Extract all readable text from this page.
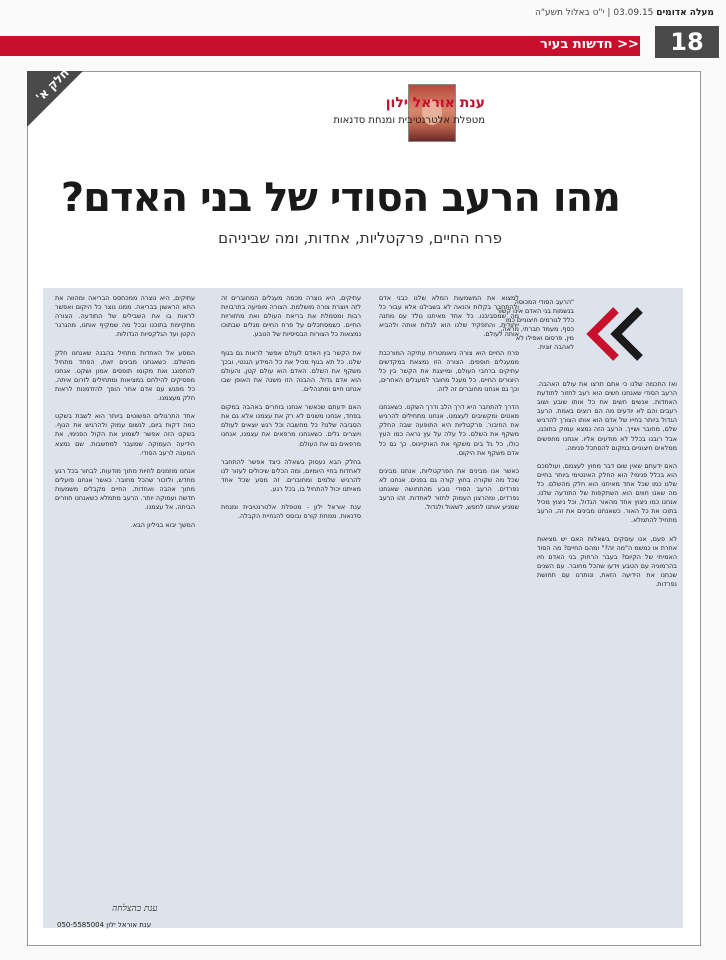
מעלה אדומים 03.09.15 | י"ט באלול תשע"ה
<< חדשות בעיר	18
חלק א'	ענת אוראל ילון
מטפלת אלטרנטיבית ומנחת סדנאות
מהו הרעב הסודי של בני האדם?
פרח החיים, פרקטליות, אחדות, ומה שביניהם
עתיקים, היא נוצרה ממכחסס הבריאה ומהווה את התא הראשון בבריאה. ממנו נוצר כל היקום ואפשר לראות בו את השבילים של התודעה. הצורה מתקיימת בתוכנו ובכל מה שמקיף אותנו, מהגרגר הקטן ועד הגלקסיות הגדולות.

המסע אל האחדות מתחיל בהבנה שאנחנו חלק מהשלם. כשאנחנו מבינים זאת, הפחד מתחיל להתפוגג ואת מקומו תופסים אמון ושקט. אנחנו מפסיקים להילחם במציאות ומתחילים לזרום איתה. כל מפגש עם אדם אחר הופך להזדמנות לראות חלק מעצמנו.

אחד התרגולים הפשוטים ביותר הוא לשבת בשקט כמה דקות ביום, לנשום עמוק ולהרגיש את הגוף. בשקט הזה אפשר לשמוע את הקול הפנימי, את הידיעה העמוקה שמעבר למחשבות. שם נמצא המענה לרעב הסודי.

אנחנו מוזמנים לחיות מתוך מודעות, לבחור בכל רגע מחדש, ולזכור שהכל מחובר. כאשר אנחנו פועלים מתוך אהבה ואחדות, החיים מקבלים משמעות חדשה ועמוקה יותר. הרעב מתמלא כשאנחנו חוזרים הביתה, אל עצמנו.

המשך יבוא בגיליון הבא.
עתיקים, היא נוצרה מכמה מעגלים המחוברים זה לזה ויוצרת צורה מושלמת. הצורה מופיעה בתרבויות רבות ומסמלת את בריאת העולם ואת מחזוריות החיים. כשמסתכלים על פרח החיים מגלים שבתוכו נמצאות כל הצורות הבסיסיות של הטבע.

את הקשר בין האדם לעולם אפשר לראות גם בגוף שלנו. כל תא בגוף מכיל את כל המידע הגנטי, ובכך משקף את השלם. האדם הוא עולם קטן, והעולם הוא אדם גדול. ההבנה הזו משנה את האופן שבו אנחנו חיים ומתנהלים.

האם ידעתם שכאשר אנחנו בוחרים באהבה במקום בפחד, אנחנו משנים לא רק את עצמנו אלא גם את הסביבה שלנו? כל מחשבה וכל רגש יוצאים לעולם ויוצרים גלים. כשאנחנו מרפאים את עצמנו, אנחנו מרפאים גם את העולם.

בחלק הבא נעסוק בשאלה כיצד אפשר להתחבר לאחדות בחיי היומיום, ומה הכלים שיכולים לעזור לנו להרגיש שלמים ומחוברים. זה מסע שכל אחד מאיתנו יכול להתחיל בו, בכל רגע.

ענת אוראל ילון - מטפלת אלטרנטיבית ומנחת סדנאות. ממחת קורס ובוסס להנחיית הקבלה.
למצוא את המשמעות המלא שלנו כבני אדם ולהתחבר בקלות והנאה לא בשבילנו אלא עבור כל מה שמסביבנו. כל אחד מאיתנו נולד עם מתנה ייחודית, והתפקיד שלנו הוא לגלות אותה ולהביא אותה לעולם.

פרח החיים הוא צורה גיאומטרית עתיקה המורכבת ממעגלים חופפים. הצורה הזו נמצאת במקדשים עתיקים ברחבי העולם, ומייצגת את הקשר בין כל היצורים החיים. כל מעגל מחובר למעגלים האחרים, וכך גם אנחנו מחוברים זה לזה.

הדרך להתחבר היא דרך הלב ודרך השקט. כשאנחנו מאטים ומקשיבים לעצמנו, אנחנו מתחילים להרגיש את החיבור. פרקטליות היא התופעה שבה החלק משקף את השלם. כל עלה על עץ נראה כמו העץ כולו, כל גל בים משקף את האוקיינוס. כך גם כל אדם משקף את היקום.

כאשר אנו מבינים את הפרקטליות, אנחנו מבינים שכל מה שקורה בחוץ קורה גם בפנים. אנחנו לא נפרדים. הרעב הסודי נובע מהתחושה שאנחנו נפרדים, ומהרצון העמוק לחזור לאחדות. זהו הרעב שמניע אותנו לחפש, לשאול ולגדול.
ואז החכמה שלנו כי אתם תרצו את עולם האהבה. הרעב הסודי שאנחנו חשים הוא רעב לחזור לתודעת האחדות. אנשים חשים את כל אותו שובע ושוב רעבים והם לא יודעים מה הם רוצים באמת. הרעב הגדול ביותר בחייו של אדם הוא אותו הצורך להרגיש שלם, מחובר ושייך. הרעב הזה נמצא עמוק בתוכנו, אבל רובנו בכלל לא מודעים אליו. אנחנו מחפשים ממלאים חיצוניים במקום להסתכל פנימה.

האם ידעתם שאין שום דבר מחוץ לעצמם, ועולמכם הוא בכלל פנימי? הוא החלק האינטימי ביותר בחיים שלנו כמו שכל אחד מאיתנו הוא חלק מהשלם. כל מה שאנו חווים הוא השתקפות של התודעה שלנו. אנחנו כמו ניצוץ אחד מהאור הגדול, וכל ניצוץ מכיל בתוכו את כל האור. כשאנחנו מבינים את זה, הרעב מתחיל להתמלא.

לא פעם, אנו עוסקים בשאלות האם יש מציאות אחרת או נמשמ ה"מה זה?" ומהם החיים? מה הסוד האמיתי של הקיום? בעבר הרחוק בני האדם חיו בהרמוניה עם הטבע וידעו שהכל מחובר. עם השנים שכחנו את הידיעה הזאת, ונותרנו עם תחושת נפרדות.
"הרעב הסודי המכוסה בנשמות בני האדם אינו קשור כלל לגורמים חיצוניים כמו כסף, מעמד חברתי, מראה, מין, פרסום ואפילו לא לאהבה זוגית.
ענת בהצלחה
ענת אוראל ילון 050-5585004
